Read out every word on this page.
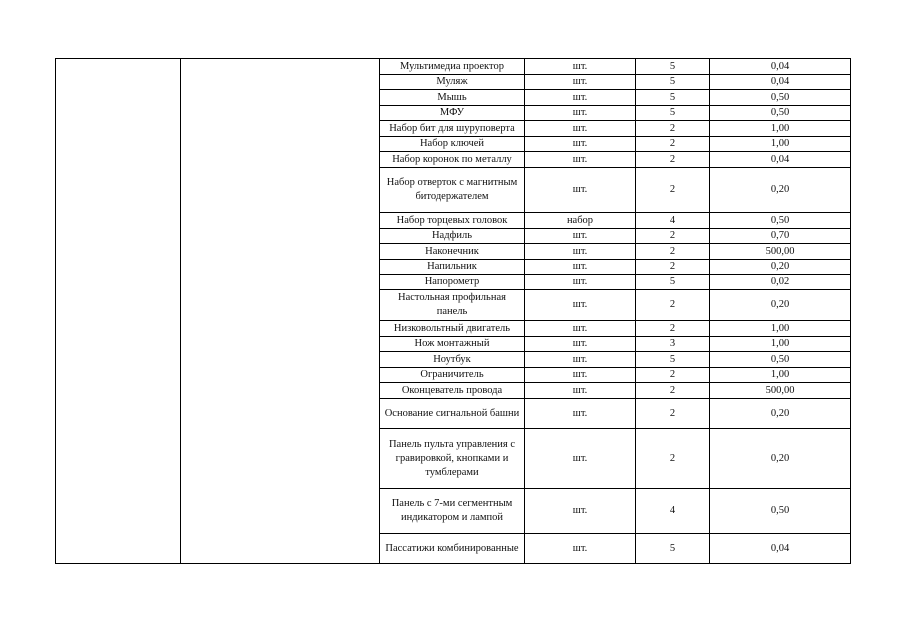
		Мультимедиа проектор	шт.	5	0,04
		Муляж	шт.	5	0,04
		Мышь	шт.	5	0,50
		МФУ	шт.	5	0,50
		Набор бит для шуруповерта	шт.	2	1,00
		Набор ключей	шт.	2	1,00
		Набор коронок по металлу	шт.	2	0,04
		Набор отверток с магнитным битодержателем	шт.	2	0,20
		Набор торцевых головок	набор	4	0,50
		Надфиль	шт.	2	0,70
		Наконечник	шт.	2	500,00
		Напильник	шт.	2	0,20
		Напорометр	шт.	5	0,02
		Настольная профильная панель	шт.	2	0,20
		Низковольтный двигатель	шт.	2	1,00
		Нож монтажный	шт.	3	1,00
		Ноутбук	шт.	5	0,50
		Ограничитель	шт.	2	1,00
		Оконцеватель провода	шт.	2	500,00
		Основание сигнальной башни	шт.	2	0,20
		Панель пульта управления с гравировкой, кнопками и тумблерами	шт.	2	0,20
		Панель с 7-ми сегментным индикатором и лампой	шт.	4	0,50
		Пассатижи комбинированные	шт.	5	0,04
